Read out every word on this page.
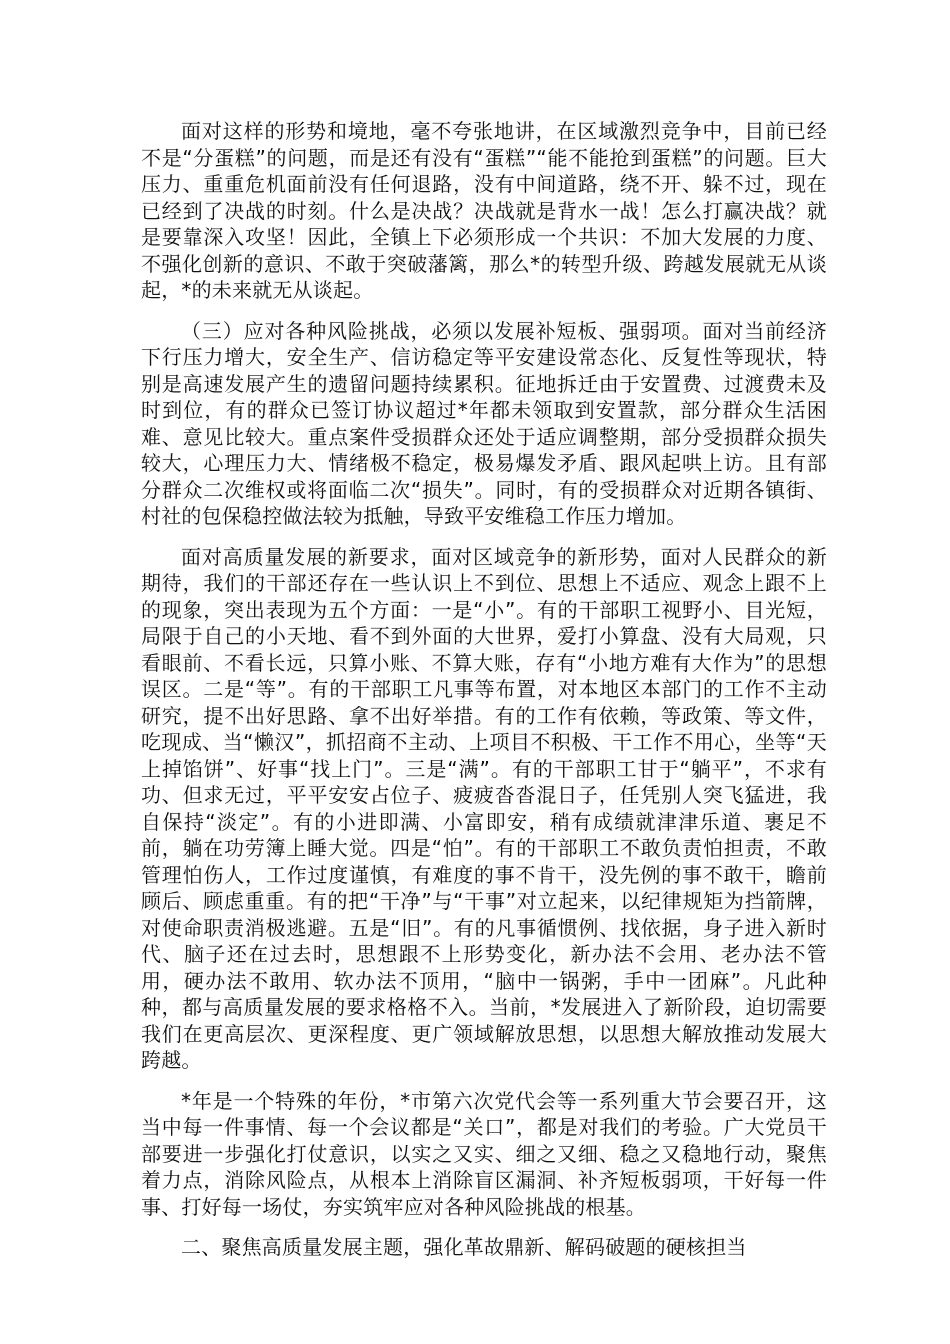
面对这样的形势和境地，毫不夸张地讲，在区域激烈竞争中，目前已经不是“分蛋糕”的问题，而是还有没有“蛋糕”“能不能抢到蛋糕”的问题。巨大压力、重重危机面前没有任何退路，没有中间道路，绕不开、躲不过，现在已经到了决战的时刻。什么是决战？决战就是背水一战！怎么打赢决战？就是要靠深入攻坚！因此，全镇上下必须形成一个共识：不加大发展的力度、不强化创新的意识、不敢于突破藩篱，那么*的转型升级、跨越发展就无从谈起，*的未来就无从谈起。

（三）应对各种风险挑战，必须以发展补短板、强弱项。面对当前经济下行压力增大，安全生产、信访稳定等平安建设常态化、反复性等现状，特别是高速发展产生的遗留问题持续累积。征地拆迁由于安置费、过渡费未及时到位，有的群众已签订协议超过*年都未领取到安置款，部分群众生活困难、意见比较大。重点案件受损群众还处于适应调整期，部分受损群众损失较大，心理压力大、情绪极不稳定，极易爆发矛盾、跟风起哄上访。且有部分群众二次维权或将面临二次“损失”。同时，有的受损群众对近期各镇街、村社的包保稳控做法较为抵触，导致平安维稳工作压力增加。

面对高质量发展的新要求，面对区域竞争的新形势，面对人民群众的新期待，我们的干部还存在一些认识上不到位、思想上不适应、观念上跟不上的现象，突出表现为五个方面：一是“小”。有的干部职工视野小、目光短，局限于自己的小天地、看不到外面的大世界，爱打小算盘、没有大局观，只看眼前、不看长远，只算小账、不算大账，存有“小地方难有大作为”的思想误区。二是“等”。有的干部职工凡事等布置，对本地区本部门的工作不主动研究，提不出好思路、拿不出好举措。有的工作有依赖，等政策、等文件，吃现成、当“懒汉”，抓招商不主动、上项目不积极、干工作不用心，坐等“天上掉馅饼”、好事“找上门”。三是“满”。有的干部职工甘于“躺平”，不求有功、但求无过，平平安安占位子、疲疲沓沓混日子，任凭别人突飞猛进，我自保持“淡定”。有的小进即满、小富即安，稍有成绩就津津乐道、裹足不前，躺在功劳簿上睡大觉。四是“怕”。有的干部职工不敢负责怕担责，不敢管理怕伤人，工作过度谨慎，有难度的事不肯干，没先例的事不敢干，瞻前顾后、顾虑重重。有的把“干净”与“干事”对立起来，以纪律规矩为挡箭牌，对使命职责消极逃避。五是“旧”。有的凡事循惯例、找依据，身子进入新时代、脑子还在过去时，思想跟不上形势变化，新办法不会用、老办法不管用，硬办法不敢用、软办法不顶用，“脑中一锅粥，手中一团麻”。凡此种种，都与高质量发展的要求格格不入。当前，*发展进入了新阶段，迫切需要我们在更高层次、更深程度、更广领域解放思想，以思想大解放推动发展大跨越。

*年是一个特殊的年份，*市第六次党代会等一系列重大节会要召开，这当中每一件事情、每一个会议都是“关口”，都是对我们的考验。广大党员干部要进一步强化打仗意识，以实之又实、细之又细、稳之又稳地行动，聚焦着力点，消除风险点，从根本上消除盲区漏洞、补齐短板弱项，干好每一件事、打好每一场仗，夯实筑牢应对各种风险挑战的根基。

二、聚焦高质量发展主题，强化革故鼎新、解码破题的硬核担当
